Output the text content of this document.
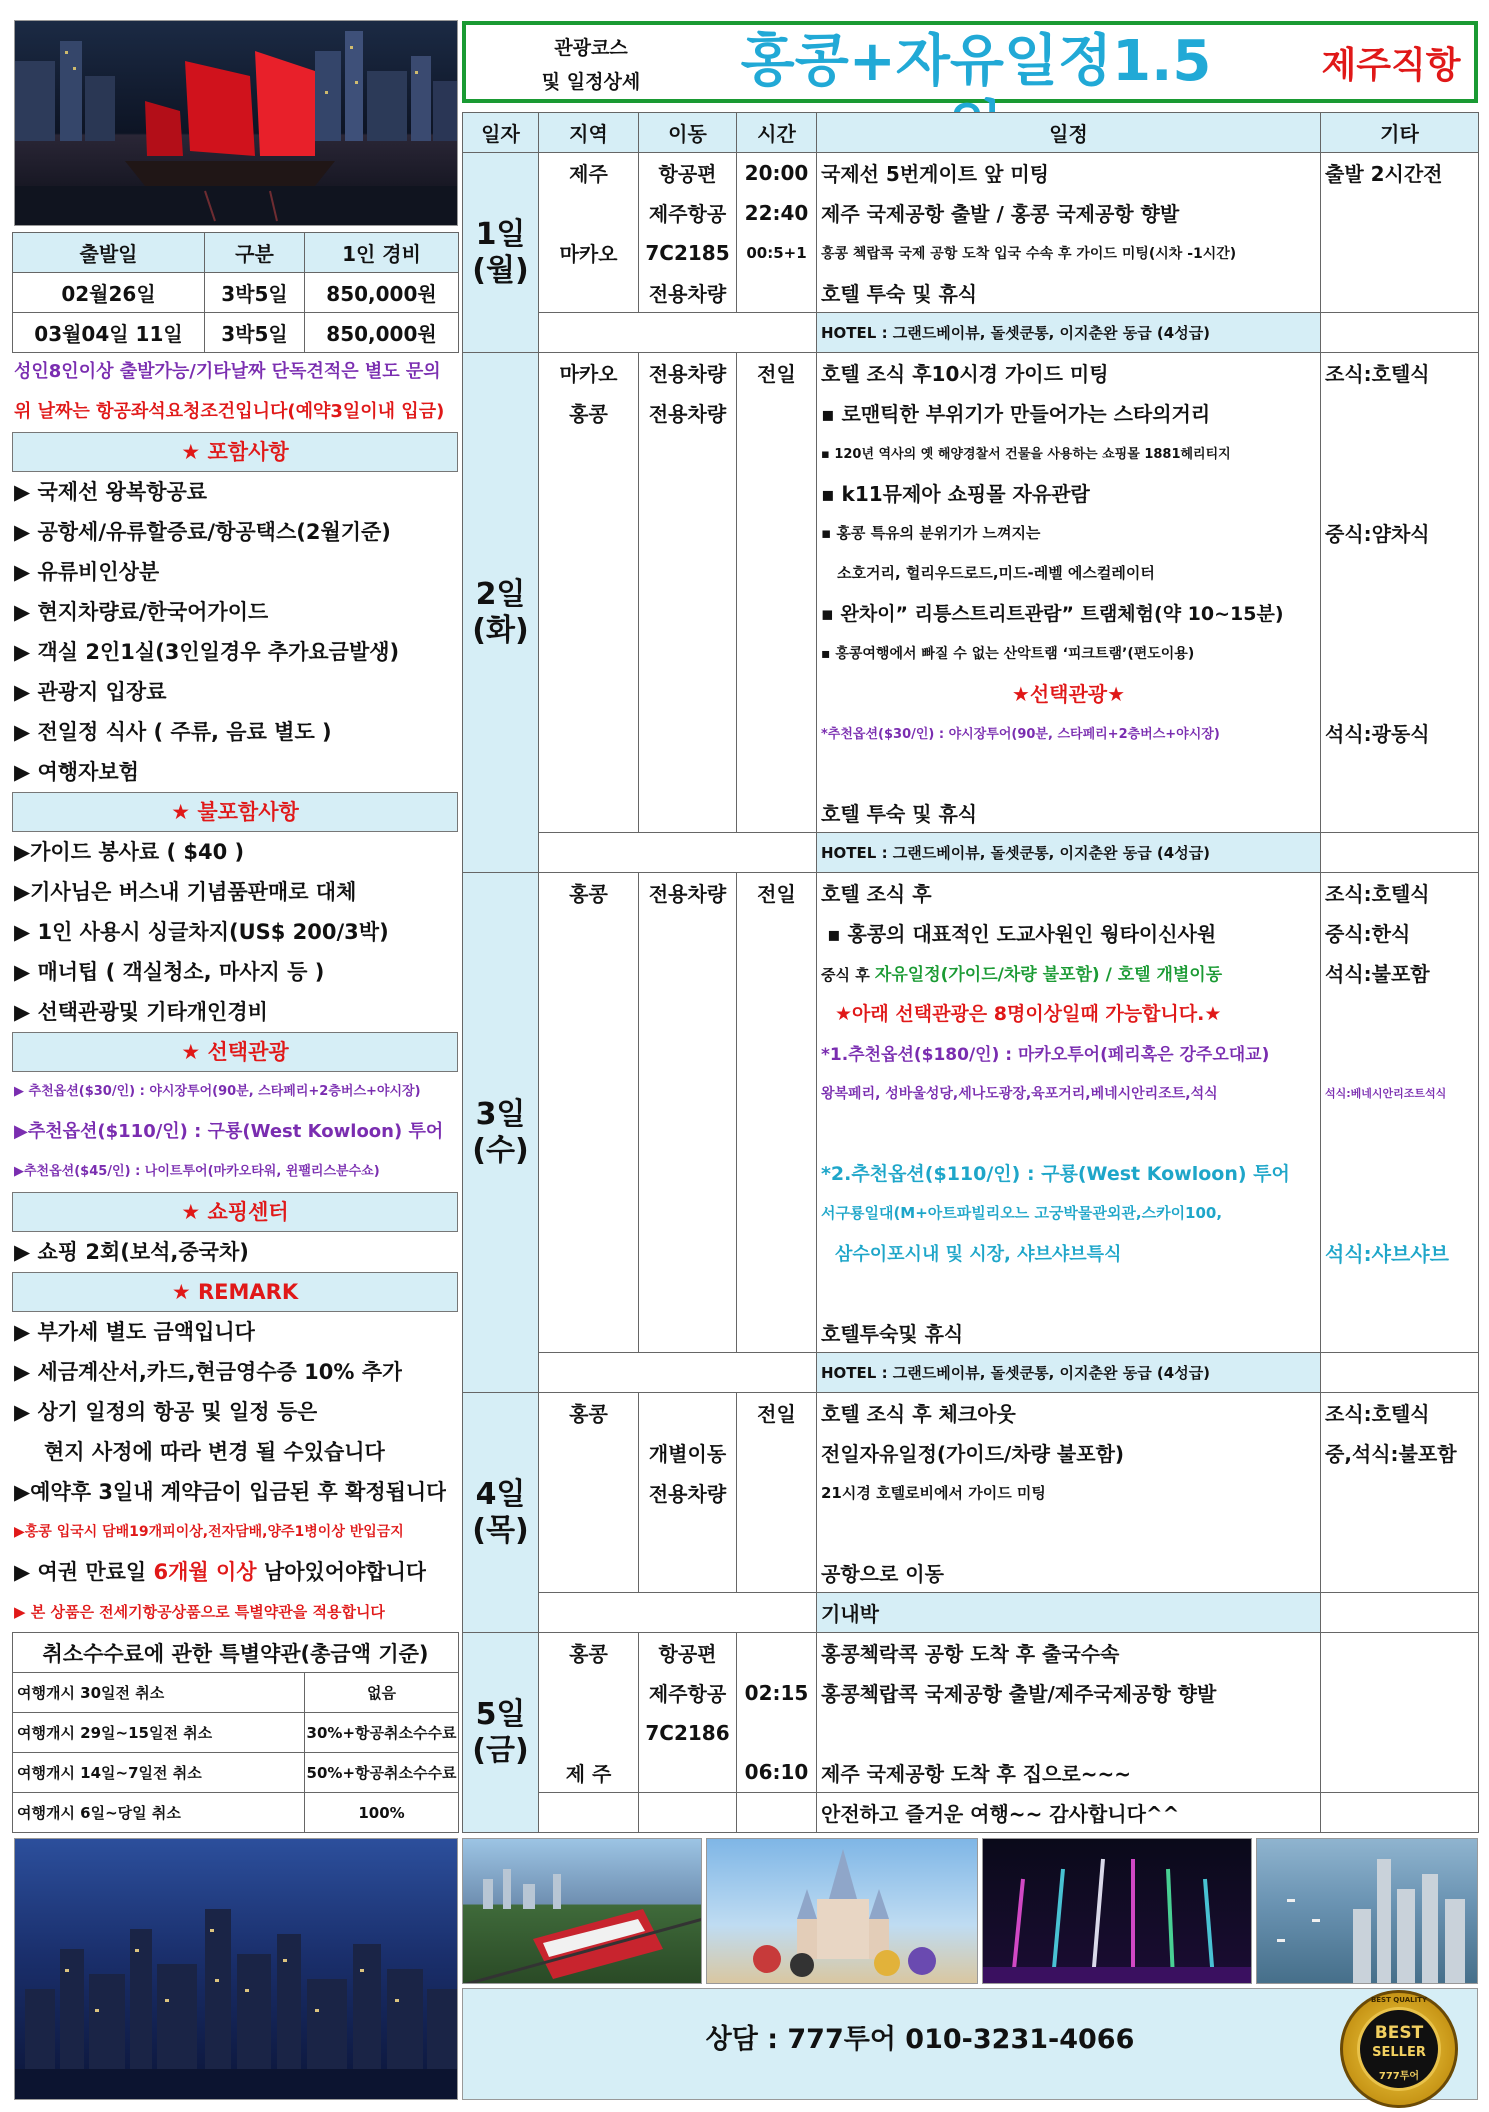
관광코스
및 일정상세	홍콩+자유일정1.5일
제주직항
출발일	구분	1인 경비
02월26일	3박5일	850,000원
03월04일 11일	3박5일	850,000원
성인8인이상 출발가능/기타날짜 단독견적은 별도 문의
위 날짜는 항공좌석요청조건입니다(예약3일이내 입금)
★ 포함사항
▶ 국제선 왕복항공료
▶ 공항세/유류할증료/항공택스(2월기준)
▶ 유류비인상분
▶ 현지차량료/한국어가이드
▶ 객실 2인1실(3인일경우 추가요금발생)
▶ 관광지 입장료
▶ 전일정 식사 ( 주류, 음료 별도 )
▶ 여행자보험
★ 불포함사항
▶가이드 봉사료 ( $40 )
▶기사님은 버스내 기념품판매로 대체
▶ 1인 사용시 싱글차지(US$ 200/3박)
▶ 매너팁 ( 객실청소, 마사지 등 )
▶ 선택관광및 기타개인경비
★ 선택관광
▶ 추천옵션($30/인) : 야시장투어(90분, 스타페리+2층버스+야시장)
▶추천옵션($110/인) : 구룡(West Kowloon) 투어
▶추천옵션($45/인) : 나이트투어(마카오타워, 윈팰리스분수쇼)
★ 쇼핑센터
▶ 쇼핑 2회(보석,중국차)
★ REMARK
▶ 부가세 별도 금액입니다
▶ 세금계산서,카드,현금영수증 10% 추가
▶ 상기 일정의 항공 및 일정 등은
현지 사정에 따라 변경 될 수있습니다
▶예약후 3일내 계약금이 입금된 후 확정됩니다
▶홍콩 입국시 담배19개피이상,전자담배,양주1병이상 반입금지
▶ 여권 만료일 6개월 이상 남아있어야합니다
▶ 본 상품은 전세기항공상품으로 특별약관을 적용합니다
취소수수료에 관한 특별약관(총금액 기준)	
여행개시 30일전 취소	없음
여행개시 29일~15일전 취소	30%+항공취소수수료
여행개시 14일~7일전 취소	50%+항공취소수수료
여행개시 6일~당일 취소	100%
일자	지역	이동	시간	일정	기타

1일
(월)	제주	항공편	20:00	국제선 5번게이트 앞 미팅	출발 2시간전
		제주항공	22:40	제주 국제공항 출발 / 홍콩 국제공항 향발	
	마카오	7C2185	00:5+1	홍콩 첵랍콕 국제 공항 도착 입국 수속 후 가이드 미팅(시차 -1시간)	
		전용차량		호텔 투숙 및 휴식	
				HOTEL : 그랜드베이뷰, 돌셋쿤통, 이지춘완 동급 (4성급)	

2일
(화)	마카오	전용차량	전일	호텔 조식 후10시경 가이드 미팅	조식:호텔식
	홍콩	전용차량		▪ 로맨틱한 부위기가 만들어가는 스타의거리	
				▪ 120년 역사의 옛 해양경찰서 건물을 사용하는 쇼핑몰 1881헤리티지	
				▪ k11뮤제아 쇼핑몰 자유관람	
				▪ 홍콩 특유의 분위기가 느껴지는	중식:얌차식
				소호거리, 헐리우드로드,미드-레벨 에스컬레이터	
				▪ 완차이” 리틍스트리트관람” 트램체험(약 10~15분)	
				▪ 홍콩여행에서 빠질 수 없는 산악트램 ‘피크트램’(편도이용)	
				★선택관광★	
				*추천옵션($30/인) : 야시장투어(90분, 스타페리+2층버스+야시장)	석식:광동식

				호텔 투숙 및 휴식	
				HOTEL : 그랜드베이뷰, 돌셋쿤통, 이지춘완 동급 (4성급)	

3일
(수)	홍콩	전용차량	전일	호텔 조식 후	조식:호텔식
				▪ 홍콩의 대표적인 도교사원인 웡타이신사원	중식:한식
				중식 후 자유일정(가이드/차량 불포함) / 호텔 개별이동	석식:불포함
				★아래 선택관광은 8명이상일때 가능합니다.★	
				*1.추천옵션($180/인) : 마카오투어(페리혹은 강주오대교)	
				왕복페리, 성바울성당,세나도광장,육포거리,베네시안리조트,석식	석식:베네시안리조트석식

				*2.추천옵션($110/인) : 구룡(West Kowloon) 투어	
				서구룡일대(M+아트파빌리오느 고궁박물관외관,스카이100,	
				삼수이포시내 및 시장, 샤브샤브특식	석식:샤브샤브

				호텔투숙및 휴식	
				HOTEL : 그랜드베이뷰, 돌셋쿤통, 이지춘완 동급 (4성급)	

4일
(목)	홍콩		전일	호텔 조식 후 체크아웃	조식:호텔식
		개별이동		전일자유일정(가이드/차량 불포함)	중,석식:불포함
		전용차량		21시경 호텔로비에서 가이드 미팅	

				공항으로 이동	
				기내박	

5일
(금)	홍콩	항공편		홍콩첵락콕 공항 도착 후 출국수속	
		제주항공	02:15	홍콩첵랍콕 국제공항 출발/제주국제공항 향발	
		7C2186			
	제 주		06:10	제주 국제공항 도착 후 집으로~~~	
				안전하고 즐거운 여행~~ 감사합니다^^	
상담 : 777투어 010-3231-4066
BEST QUALITY
BEST
SELLER
777투어
